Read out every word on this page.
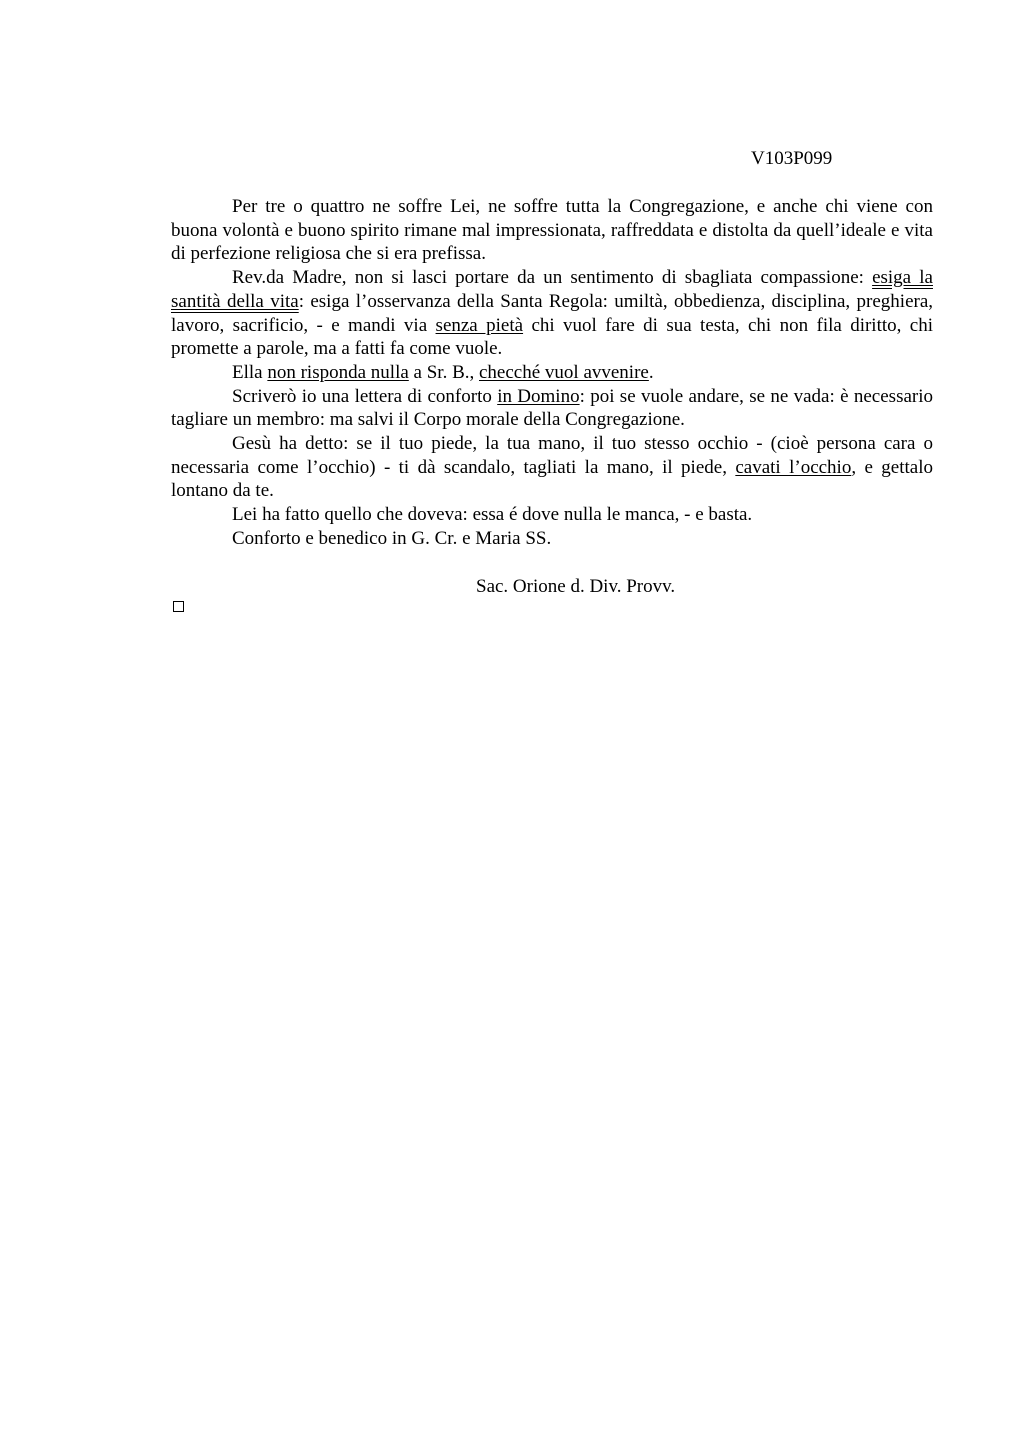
V103P099

Per tre o quattro ne soffre Lei, ne soffre tutta la Congregazione, e anche chi viene con buona volontà e buono spirito rimane mal impressionata, raffreddata e distolta da quell’ideale e vita di perfezione religiosa che si era prefissa.

Rev.da Madre, non si lasci portare da un sentimento di sbagliata compassione: esiga la santità della vita: esiga l’osservanza della Santa Regola: umiltà, obbedienza, disciplina, preghiera, lavoro, sacrificio, - e mandi via senza pietà chi vuol fare di sua testa, chi non fila diritto, chi promette a parole, ma a fatti fa come vuole.

Ella non risponda nulla a Sr. B., checché vuol avvenire.

Scriverò io una lettera di conforto in Domino: poi se vuole andare, se ne vada: è necessario tagliare un membro: ma salvi il Corpo morale della Congregazione.

Gesù ha detto: se il tuo piede, la tua mano, il tuo stesso occhio - (cioè persona cara o necessaria come l’occhio) - ti dà scandalo, tagliati la mano, il piede, cavati l’occhio, e gettalo lontano da te.

Lei ha fatto quello che doveva: essa é dove nulla le manca, - e basta.

Conforto e benedico in G. Cr. e Maria SS.

Sac. Orione d. Div. Provv.
